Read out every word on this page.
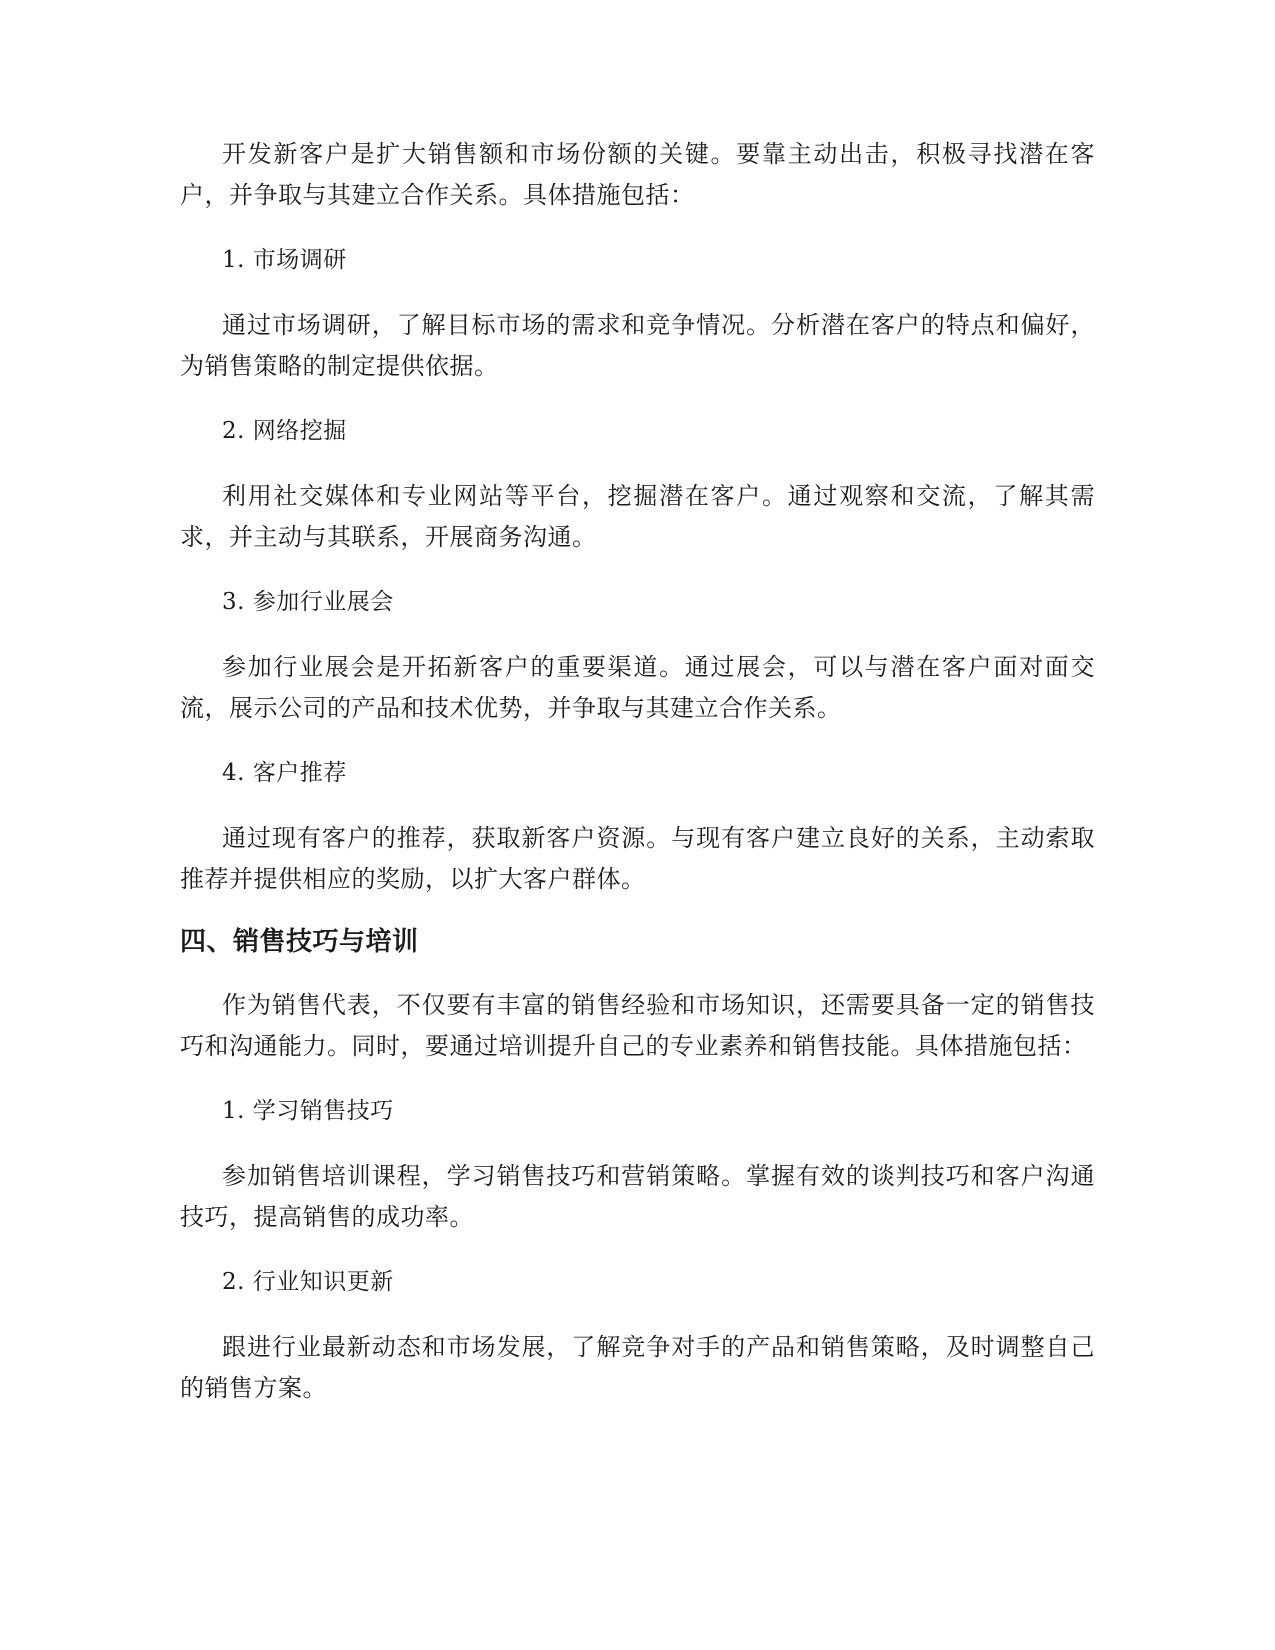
开发新客户是扩大销售额和市场份额的关键。要靠主动出击，积极寻找潜在客户，并争取与其建立合作关系。具体措施包括：

1. 市场调研

通过市场调研，了解目标市场的需求和竞争情况。分析潜在客户的特点和偏好，为销售策略的制定提供依据。

2. 网络挖掘

利用社交媒体和专业网站等平台，挖掘潜在客户。通过观察和交流，了解其需求，并主动与其联系，开展商务沟通。

3. 参加行业展会

参加行业展会是开拓新客户的重要渠道。通过展会，可以与潜在客户面对面交流，展示公司的产品和技术优势，并争取与其建立合作关系。

4. 客户推荐

通过现有客户的推荐，获取新客户资源。与现有客户建立良好的关系，主动索取推荐并提供相应的奖励，以扩大客户群体。

四、销售技巧与培训

作为销售代表，不仅要有丰富的销售经验和市场知识，还需要具备一定的销售技巧和沟通能力。同时，要通过培训提升自己的专业素养和销售技能。具体措施包括：

1. 学习销售技巧

参加销售培训课程，学习销售技巧和营销策略。掌握有效的谈判技巧和客户沟通技巧，提高销售的成功率。

2. 行业知识更新

跟进行业最新动态和市场发展，了解竞争对手的产品和销售策略，及时调整自己的销售方案。
